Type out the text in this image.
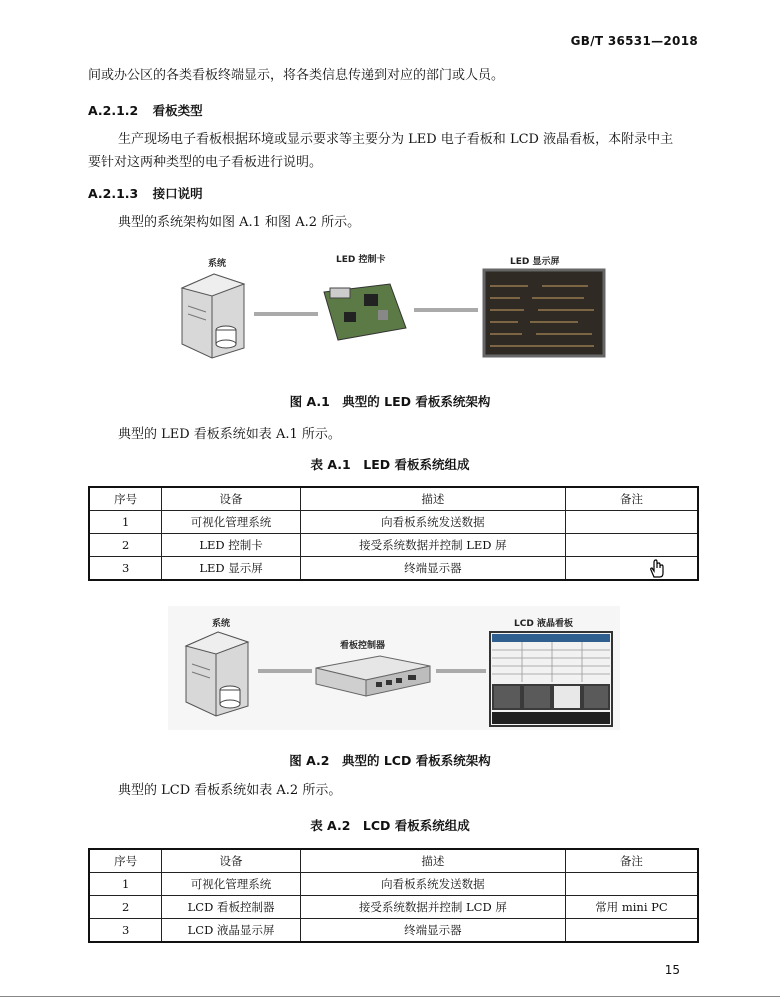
GB/T 36531—2018
间或办公区的各类看板终端显示，将各类信息传递到对应的部门或人员。
A.2.1.2 看板类型
生产现场电子看板根据环境或显示要求等主要分为 LED 电子看板和 LCD 液晶看板，本附录中主
要针对这两种类型的电子看板进行说明。
A.2.1.3 接口说明
典型的系统架构如图 A.1 和图 A.2 所示。
系统	LED 控制卡	LED 显示屏
图 A.1　典型的 LED 看板系统架构
典型的 LED 看板系统如表 A.1 所示。
表 A.1　LED 看板系统组成
序号	设备	描述	备注
1	可视化管理系统	向看板系统发送数据	
2	LED 控制卡	接受系统数据并控制 LED 屏	
3	LED 显示屏	终端显示器	
系统
看板控制器
LCD 液晶看板
图 A.2　典型的 LCD 看板系统架构
典型的 LCD 看板系统如表 A.2 所示。
表 A.2　LCD 看板系统组成
序号	设备	描述	备注
1	可视化管理系统	向看板系统发送数据	
2	LCD 看板控制器	接受系统数据并控制 LCD 屏	常用 mini PC
3	LCD 液晶显示屏	终端显示器	
15
